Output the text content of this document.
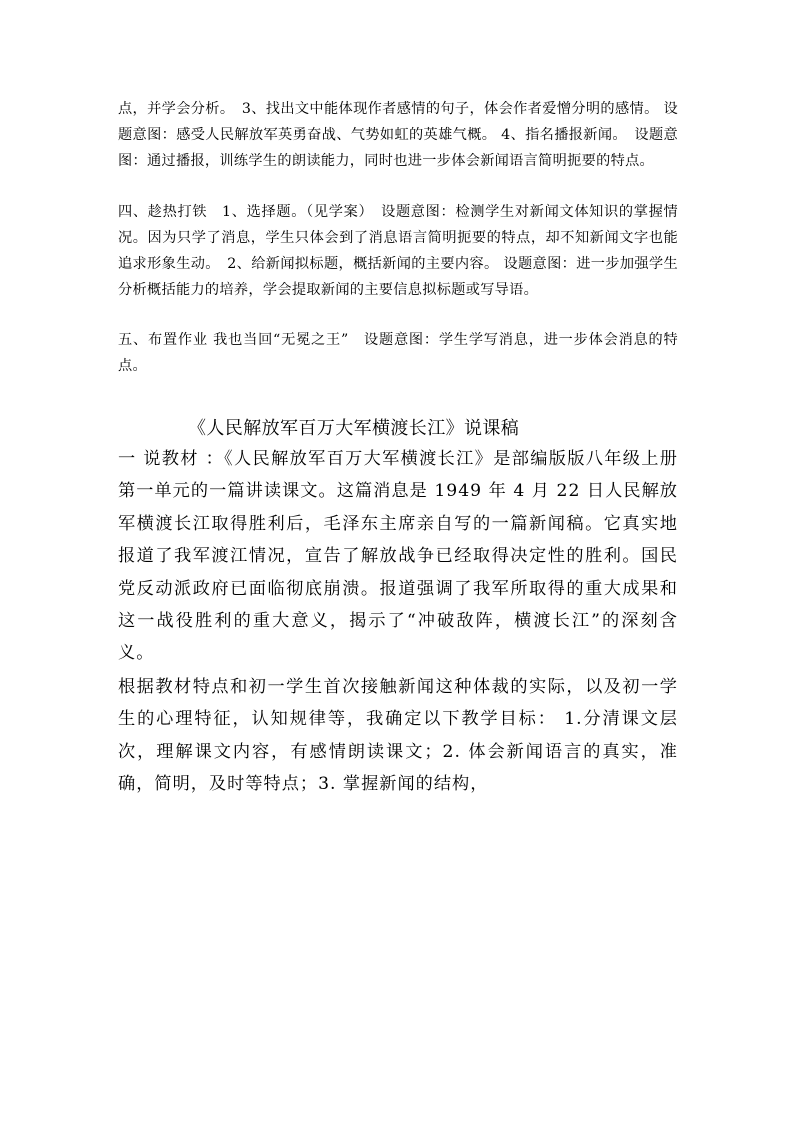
点，并学会分析。　3、找出文中能体现作者感情的句子，体会作者爱憎分明的感情。 设题意图：感受人民解放军英勇奋战、气势如虹的英雄气概。 4、指名播报新闻。　设题意图：通过播报，训练学生的朗读能力，同时也进一步体会新闻语言简明扼要的特点。

四、趁热打铁　1、选择题。（见学案）　设题意图：检测学生对新闻文体知识的掌握情况。因为只学了消息，学生只体会到了消息语言简明扼要的特点，却不知新闻文字也能追求形象生动。　2、给新闻拟标题，概括新闻的主要内容。 设题意图：进一步加强学生分析概括能力的培养，学会提取新闻的主要信息拟标题或写导语。

五、布置作业 我也当回“无冕之王”　设题意图：学生学写消息，进一步体会消息的特点。

《人民解放军百万大军横渡长江》说课稿

一 说教材 ：《人民解放军百万大军横渡长江》是部编版版八年级上册第一单元的一篇讲读课文。这篇消息是 1949 年 4 月 22 日人民解放军横渡长江取得胜利后，毛泽东主席亲自写的一篇新闻稿。它真实地报道了我军渡江情况，宣告了解放战争已经取得决定性的胜利。国民党反动派政府已面临彻底崩溃。报道强调了我军所取得的重大成果和这一战役胜利的重大意义，揭示了“冲破敌阵，横渡长江”的深刻含义。

根据教材特点和初一学生首次接触新闻这种体裁的实际，以及初一学生的心理特征，认知规律等，我确定以下教学目标： 1.分清课文层次，理解课文内容，有感情朗读课文；2. 体会新闻语言的真实，准确，简明，及时等特点；3. 掌握新闻的结构，
